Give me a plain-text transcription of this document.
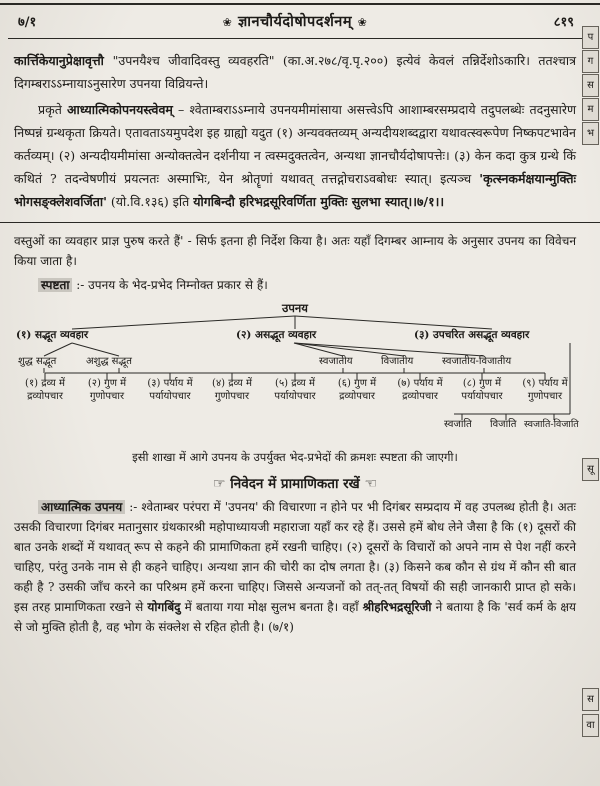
७/१	❀ ज्ञानचौर्यदोषोपदर्शनम् ❀	८१९
प
ग
स
म
भ
सू
स
वा

कार्त्तिकेयानुप्रेक्षावृत्तौ "उपनयैश्च जीवादिवस्तु व्यवहरति" (का.अ.२७८/वृ.पृ.२००) इत्येवं केवलं तन्निर्देशोऽकारि। ततश्चात्र दिगम्बराऽऽम्नायाऽनुसारेण उपनया विव्रियन्ते।

प्रकृते आध्यात्मिकोपनयस्त्वेवम् – श्वेताम्बराऽऽम्नाये उपनयमीमांसाया असत्त्वेऽपि आशाम्बरसम्प्रदाये तदुपलब्धेः तदनुसारेण निष्पन्नं ग्रन्थकृता क्रियते। एतावताऽयमुपदेश इह ग्राह्यो यदुत (१) अन्यवक्तव्यम् अन्यदीयशब्दद्वारा यथावत्स्वरूपेण निष्कपटभावेन कर्तव्यम्। (२) अन्यदीयमीमांसा अन्योक्तत्वेन दर्शनीया न त्वस्मदुक्तत्वेन, अन्यथा ज्ञानचौर्यदोषापत्तेः। (३) केन कदा कुत्र ग्रन्थे किं कथितं ? तदन्वेषणीयं प्रयत्नतः अस्माभिः, येन श्रोतॄणां यथावत् तत्तद्गोचराऽवबोधः स्यात्। इत्यञ्च 'कृत्स्नकर्मक्षयान्मुक्तिः भोगसङ्क्लेशवर्जिता' (यो.वि.१३६) इति योगबिन्दौ हरिभद्रसूरिवर्णिता मुक्तिः सुलभा स्यात्।।७/१।।

वस्तुओं का व्यवहार प्राज्ञ पुरुष करते हैं' - सिर्फ इतना ही निर्देश किया है। अतः यहाँ दिगम्बर आम्नाय के अनुसार उपनय का विवेचन किया जाता है।

स्पष्टता :- उपनय के भेद-प्रभेद निम्नोक्त प्रकार से हैं।

उपनय
(१) सद्भूत व्यवहार	(२) असद्भूत व्यवहार	(३) उपचरित असद्भूत व्यवहार
शुद्ध सद्भूत	अशुद्ध सद्भूत	स्वजातीय	विजातीय	स्वजातीय-विजातीय
(१) द्रव्य में
द्रव्योपचार
(२) गुण में
गुणोपचार
(३) पर्याय में
पर्यायोपचार
(४) द्रव्य में
गुणोपचार
(५) द्रव्य में
पर्यायोपचार
(६) गुण में
द्रव्योपचार
(७) पर्याय में
द्रव्योपचार
(८) गुण में
पर्यायोपचार
(९) पर्याय में
गुणोपचार
स्वजाति विजाति स्वजाति-विजाति

इसी शाखा में आगे उपनय के उपर्युक्त भेद-प्रभेदों की क्रमशः स्पष्टता की जाएगी।

☞ निवेदन में प्रामाणिकता रखें ☜

आध्यात्मिक उपनय :- श्वेताम्बर परंपरा में 'उपनय' की विचारणा न होने पर भी दिगंबर सम्प्रदाय में वह उपलब्ध होती है। अतः उसकी विचारणा दिगंबर मतानुसार ग्रंथकारश्री महोपाध्यायजी महाराजा यहाँ कर रहे हैं। उससे हमें बोध लेने जैसा है कि (१) दूसरों की बात उनके शब्दों में यथावत् रूप से कहने की प्रामाणिकता हमें रखनी चाहिए। (२) दूसरों के विचारों को अपने नाम से पेश नहीं करने चाहिए, परंतु उनके नाम से ही कहने चाहिए। अन्यथा ज्ञान की चोरी का दोष लगता है। (३) किसने कब कौन से ग्रंथ में कौन सी बात कही है ? उसकी जाँच करने का परिश्रम हमें करना चाहिए। जिससे अन्यजनों को तत्-तत् विषयों की सही जानकारी प्राप्त हो सके। इस तरह प्रामाणिकता रखने से योगबिंदु में बताया गया मोक्ष सुलभ बनता है। वहाँ श्रीहरिभद्रसूरिजी ने बताया है कि 'सर्व कर्म के क्षय से जो मुक्ति होती है, वह भोग के संक्लेश से रहित होती है। (७/१)
